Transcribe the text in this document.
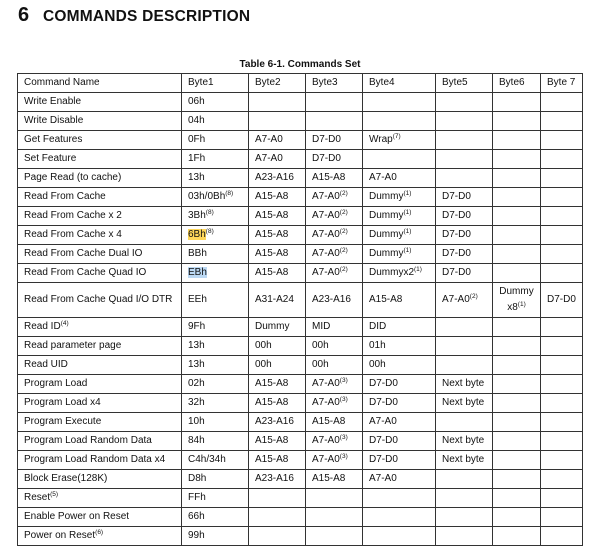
6 COMMANDS DESCRIPTION
Table 6-1. Commands Set
Command Name	Byte1	Byte2	Byte3	Byte4	Byte5	Byte6	Byte 7
Write Enable	06h						
Write Disable	04h						
Get Features	0Fh	A7-A0	D7-D0	Wrap$^{(7)}$			
Set Feature	1Fh	A7-A0	D7-D0				
Page Read (to cache)	13h	A23-A16	A15-A8	A7-A0			
Read From Cache	03h/0Bh$^{(8)}$	A15-A8	A7-A0$^{(2)}$	Dummy$^{(1)}$	D7-D0		
Read From Cache x 2	3Bh$^{(8)}$	A15-A8	A7-A0$^{(2)}$	Dummy$^{(1)}$	D7-D0		
Read From Cache x 4	6Bh$^{(8)}$	A15-A8	A7-A0$^{(2)}$	Dummy$^{(1)}$	D7-D0		
Read From Cache Dual IO	BBh	A15-A8	A7-A0$^{(2)}$	Dummy$^{(1)}$	D7-D0		
Read From Cache Quad IO	EBh	A15-A8	A7-A0$^{(2)}$	Dummyx2$^{(1)}$	D7-D0		
Read From Cache Quad I/O DTR	EEh	A31-A24	A23-A16	A15-A8	A7-A0$^{(2)}$	Dummy x8$^{(1)}$	D7-D0
Read ID$^{(4)}$	9Fh	Dummy	MID	DID			
Read parameter page	13h	00h	00h	01h			
Read UID	13h	00h	00h	00h			
Program Load	02h	A15-A8	A7-A0$^{(3)}$	D7-D0	Next byte		
Program Load x4	32h	A15-A8	A7-A0$^{(3)}$	D7-D0	Next byte		
Program Execute	10h	A23-A16	A15-A8	A7-A0			
Program Load Random Data	84h	A15-A8	A7-A0$^{(3)}$	D7-D0	Next byte		
Program Load Random Data x4	C4h/34h	A15-A8	A7-A0$^{(3)}$	D7-D0	Next byte		
Block Erase(128K)	D8h	A23-A16	A15-A8	A7-A0			
Reset$^{(5)}$	FFh						
Enable Power on Reset	66h						
Power on Reset$^{(6)}$	99h						
